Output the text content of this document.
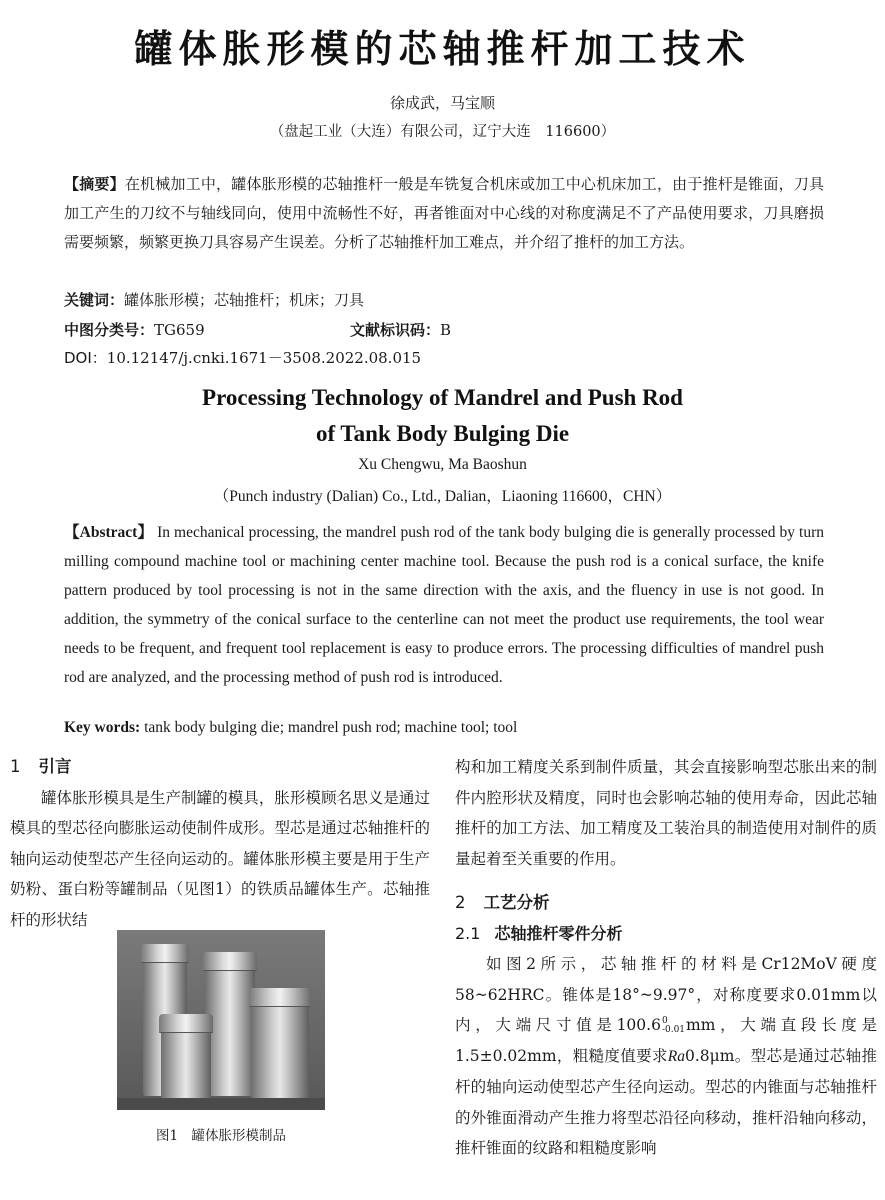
罐体胀形模的芯轴推杆加工技术
徐成武，马宝顺
（盘起工业（大连）有限公司，辽宁大连　116600）
【摘要】在机械加工中，罐体胀形模的芯轴推杆一般是车铣复合机床或加工中心机床加工，由于推杆是锥面，刀具加工产生的刀纹不与轴线同向，使用中流畅性不好，再者锥面对中心线的对称度满足不了产品使用要求，刀具磨损需要频繁，频繁更换刀具容易产生误差。分析了芯轴推杆加工难点，并介绍了推杆的加工方法。
关键词：罐体胀形模；芯轴推杆；机床；刀具
中图分类号：TG659	文献标识码：B
DOI：10.12147/j.cnki.1671－3508.2022.08.015
Processing Technology of Mandrel and Push Rod
of Tank Body Bulging Die
Xu Chengwu, Ma Baoshun
（Punch industry (Dalian) Co., Ltd., Dalian，Liaoning 116600，CHN）
【Abstract】 In mechanical processing, the mandrel push rod of the tank body bulging die is generally processed by turn milling compound machine tool or machining center machine tool. Because the push rod is a conical surface, the knife pattern produced by tool processing is not in the same direction with the axis, and the fluency in use is not good. In addition, the symmetry of the conical surface to the centerline can not meet the product use requirements, the tool wear needs to be frequent, and frequent tool replacement is easy to produce errors. The processing difficulties of mandrel push rod are analyzed, and the processing method of push rod is introduced.
Key words: tank body bulging die; mandrel push rod; machine tool; tool
1 引言
罐体胀形模具是生产制罐的模具，胀形模顾名思义是通过模具的型芯径向膨胀运动使制件成形。型芯是通过芯轴推杆的轴向运动使型芯产生径向运动的。罐体胀形模主要是用于生产奶粉、蛋白粉等罐制品（见图1）的铁质品罐体生产。芯轴推杆的形状结
图1　罐体胀形模制品
构和加工精度关系到制件质量，其会直接影响型芯胀出来的制件内腔形状及精度，同时也会影响芯轴的使用寿命，因此芯轴推杆的加工方法、加工精度及工装治具的制造使用对制件的质量起着至关重要的作用。
2 工艺分析
2.1 芯轴推杆零件分析
如图2所示，芯轴推杆的材料是Cr12MoV硬度58~62HRC。锥体是18°~9.97°，对称度要求0.01mm以内，大端尺寸值是100.6 0
-0.01 mm，大端直段长度是1.5±0.02mm，粗糙度值要求Ra0.8μm。型芯是通过芯轴推杆的轴向运动使型芯产生径向运动。型芯的内锥面与芯轴推杆的外锥面滑动产生推力将型芯沿径向移动，推杆沿轴向移动，推杆锥面的纹路和粗糙度影响
